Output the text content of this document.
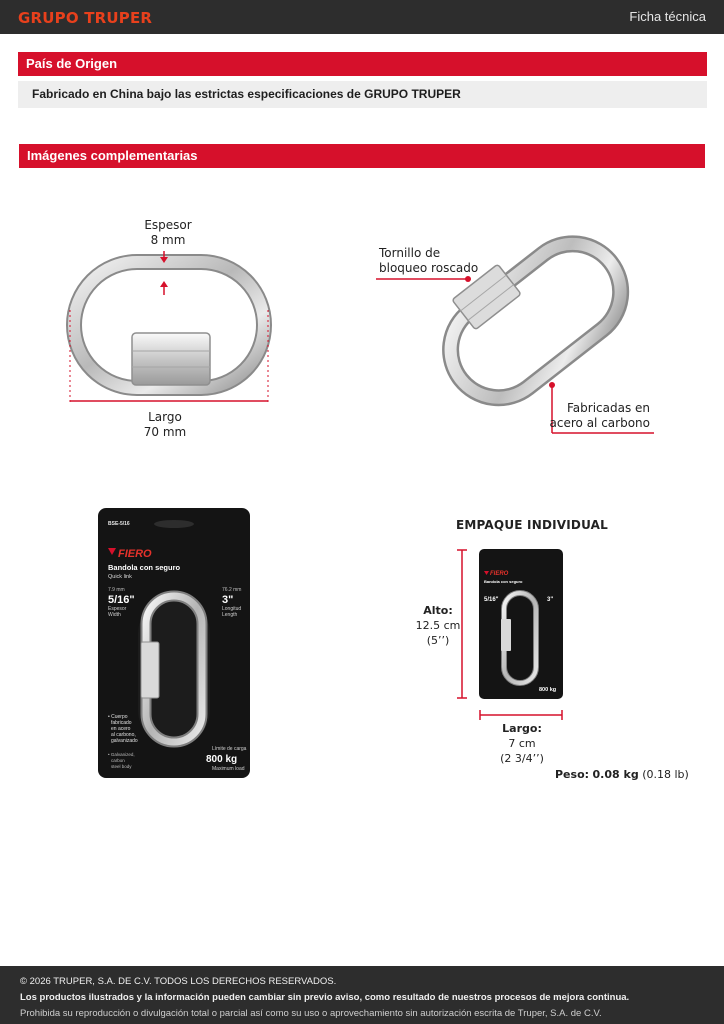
GRUPO TRUPER	Ficha técnica
País de Origen
Fabricado en China bajo las estrictas especificaciones de GRUPO TRUPER
Imágenes complementarias
Espesor
8 mm
Largo
70 mm
Tornillo de
bloqueo roscado
Fabricadas en
acero al carbono
BSE-5/16
FIERO
Bandola con seguro
Quick link
7.9 mm
5/16"
Espesor
Width
76.2 mm
3"
Longitud
Length
• Cuerpo
fabricado
en acero
al carbono,
galvanizado
• Galvanized,
carbon
steel body
Límite de carga
800 kg
Maximum load
EMPAQUE INDIVIDUAL
FIERO
Bandola con seguro
5/16"	3"
800 kg
Alto:
12.5 cm
(5’’)
Largo:
7 cm
(2 3/4’’)
Peso: 0.08 kg (0.18 lb)

© 2026 TRUPER, S.A. DE C.V. TODOS LOS DERECHOS RESERVADOS.

Los productos ilustrados y la información pueden cambiar sin previo aviso, como resultado de nuestros procesos de mejora continua.

Prohibida su reproducción o divulgación total o parcial así como su uso o aprovechamiento sin autorización escrita de Truper, S.A. de C.V.
